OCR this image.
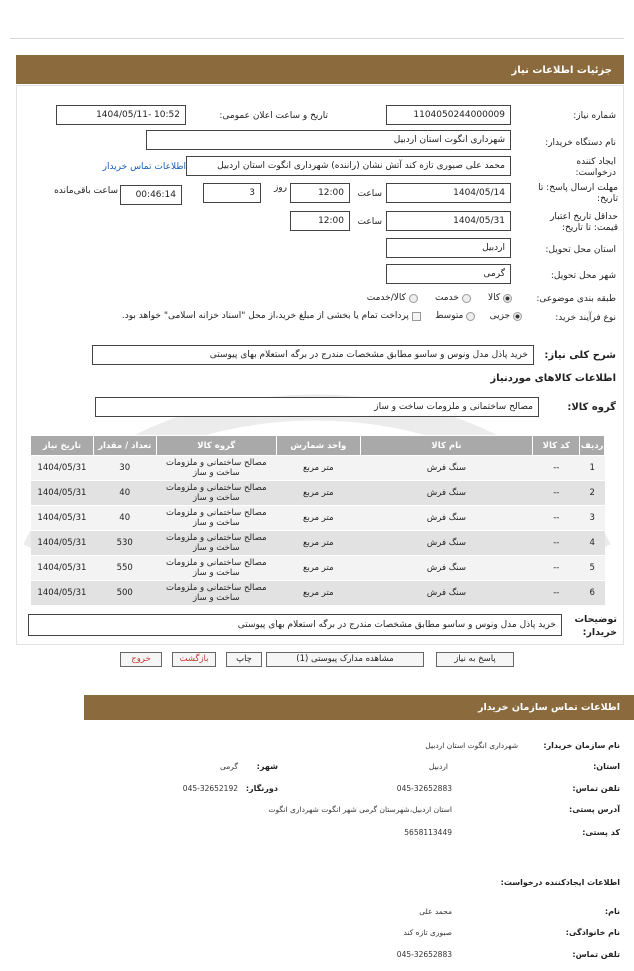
جزئیات اطلاعات نیاز
شماره نیاز:
1104050244000009
تاریخ و ساعت اعلان عمومی:
1404/05/11- 10:52
نام دستگاه خریدار:
شهرداری انگوت استان اردبیل
ایجاد کننده
درخواست:
محمد علی صبوری تازه کند آتش نشان (راننده) شهرداری انگوت استان اردبیل
اطلاعات تماس خریدار
مهلت ارسال پاسخ: تا
تاریخ:
1404/05/14
ساعت
12:00
روز
3
00:46:14
ساعت باقی‌مانده
حداقل تاریخ اعتبار
قیمت: تا تاریخ:
1404/05/31
ساعت
12:00
استان محل تحویل:
اردبیل
شهر محل تحویل:
گرمی
طبقه بندی موضوعی:
کالا       خدمت       کالا/خدمت
نوع فرآیند خرید:
جزیی      متوسط      پرداخت تمام یا بخشی از مبلغ خرید،از محل "اسناد خزانه اسلامی" خواهد بود.
شرح کلی نیاز:
خرید پاذل مدل ونوس و ساسو مطابق مشخصات مندرج در برگه استعلام بهای پیوستی
اطلاعات کالاهای موردنیاز
گروه کالا:
مصالح ساختمانی و ملزومات ساخت و ساز
ردیف	کد کالا	نام کالا	واحد شمارش	گروه کالا	تعداد / مقدار	تاریخ نیاز
1	--	سنگ فرش	متر مربع	مصالح ساختمانی و ملزومات ساخت و ساز	30	1404/05/31
2	--	سنگ فرش	متر مربع	مصالح ساختمانی و ملزومات ساخت و ساز	40	1404/05/31
3	--	سنگ فرش	متر مربع	مصالح ساختمانی و ملزومات ساخت و ساز	40	1404/05/31
4	--	سنگ فرش	متر مربع	مصالح ساختمانی و ملزومات ساخت و ساز	530	1404/05/31
5	--	سنگ فرش	متر مربع	مصالح ساختمانی و ملزومات ساخت و ساز	550	1404/05/31
6	--	سنگ فرش	متر مربع	مصالح ساختمانی و ملزومات ساخت و ساز	500	1404/05/31
توضیحات
خریدار:
خرید پاذل مدل ونوس و ساسو مطابق مشخصات مندرج در برگه استعلام بهای پیوستی
پاسخ به نیاز
مشاهده مدارک پیوستی (1)
چاپ
بازگشت
خروج
اطلاعات تماس سازمان خریدار
نام سازمان خریدار:
شهرداری انگوت استان اردبیل
استان:
اردبیل
شهر:
گرمی
تلفن تماس:
045-32652883
دورنگار:
045-32652192
آدرس پستی:
استان اردبیل،شهرستان گرمی شهر انگوت شهرداری انگوت
کد پستی:
5658113449
اطلاعات ایجادکننده درخواست:
نام:
محمد علی
نام خانوادگی:
صبوری تازه کند
تلفن تماس:
045-32652883
